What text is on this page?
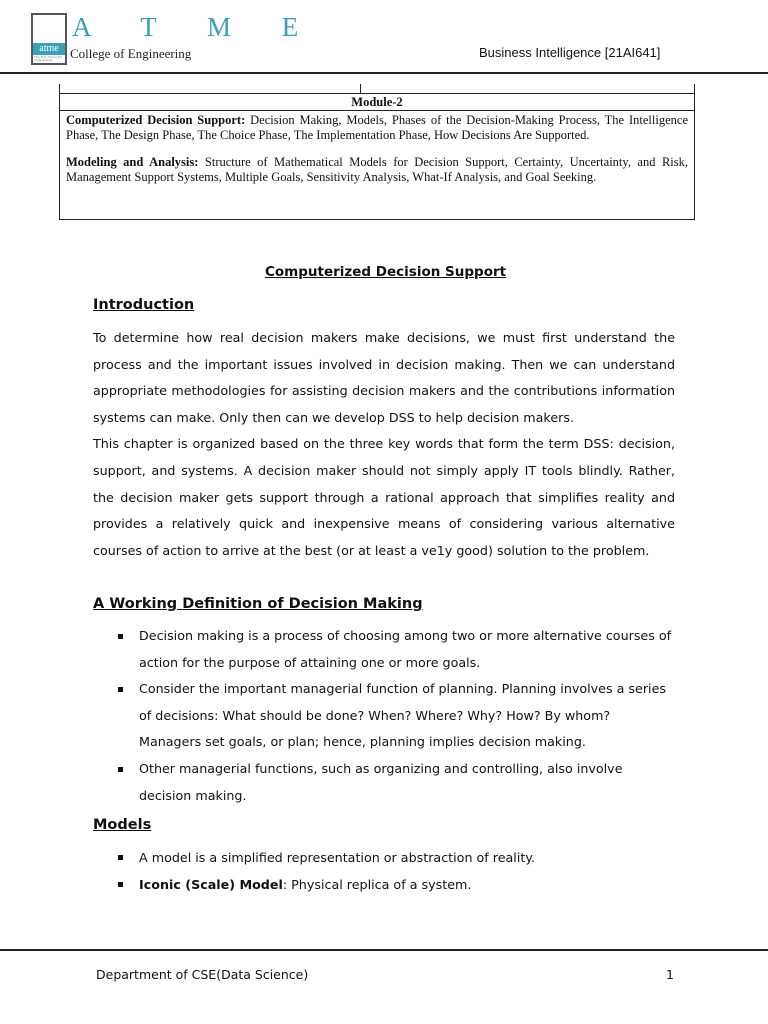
A T M E
atme
The first choice for engineering	College of Engineering	Business Intelligence [21AI641]
Module-2

Computerized Decision Support: Decision Making, Models, Phases of the Decision-Making Process, The Intelligence Phase, The Design Phase, The Choice Phase, The Implementation Phase, How Decisions Are Supported.

Modeling and Analysis: Structure of Mathematical Models for Decision Support, Certainty, Uncertainty, and Risk, Management Support Systems, Multiple Goals, Sensitivity Analysis, What-If Analysis, and Goal Seeking.

Computerized Decision Support
Introduction

To determine how real decision makers make decisions, we must first understand the process and the important issues involved in decision making. Then we can understand appropriate methodologies for assisting decision makers and the contributions information systems can make. Only then can we develop DSS to help decision makers.

This chapter is organized based on the three key words that form the term DSS: decision, support, and systems. A decision maker should not simply apply IT tools blindly. Rather, the decision maker gets support through a rational approach that simplifies reality and provides a relatively quick and inexpensive means of considering various alternative courses of action to arrive at the best (or at least a ve1y good) solution to the problem.

A Working Definition of Decision Making
Decision making is a process of choosing among two or more alternative courses of action for the purpose of attaining one or more goals.
Consider the important managerial function of planning. Planning involves a series of decisions: What should be done? When? Where? Why? How? By whom? Managers set goals, or plan; hence, planning implies decision making.
Other managerial functions, such as organizing and controlling, also involve decision making.
Models
A model is a simplified representation or abstraction of reality.
Iconic (Scale) Model: Physical replica of a system.
Department of CSE(Data Science)	1
